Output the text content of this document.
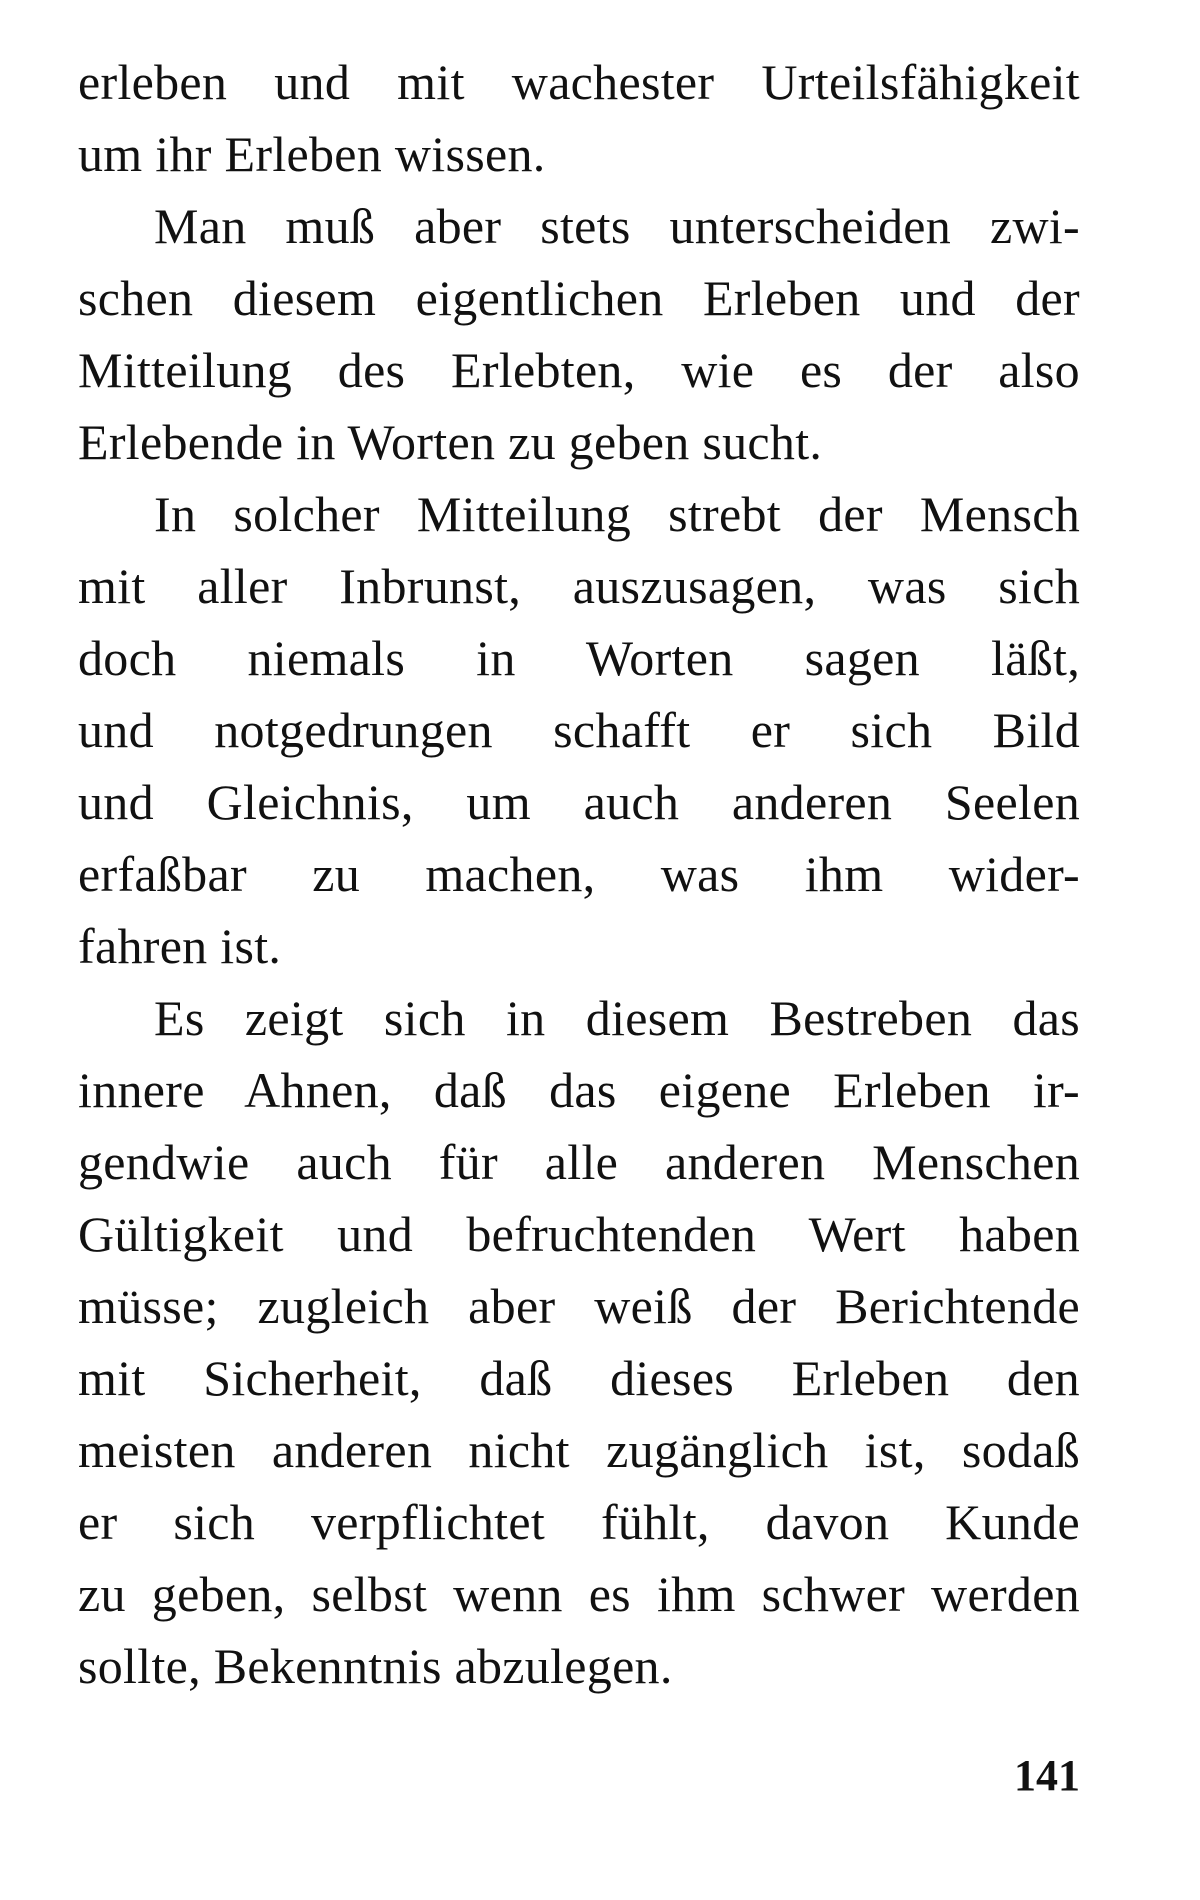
erleben und mit wachester Urteilsfähigkeit
um ihr Erleben wissen.
Man muß aber stets unterscheiden zwi-
schen diesem eigentlichen Erleben und der
Mitteilung des Erlebten, wie es der also
Erlebende in Worten zu geben sucht.
In solcher Mitteilung strebt der Mensch
mit aller Inbrunst, auszusagen, was sich
doch niemals in Worten sagen läßt,
und notgedrungen schafft er sich Bild
und Gleichnis, um auch anderen Seelen
erfaßbar zu machen, was ihm wider-
fahren ist.
Es zeigt sich in diesem Bestreben das
innere Ahnen, daß das eigene Erleben ir-
gendwie auch für alle anderen Menschen
Gültigkeit und befruchtenden Wert haben
müsse; zugleich aber weiß der Berichtende
mit Sicherheit, daß dieses Erleben den
meisten anderen nicht zugänglich ist, sodaß
er sich verpflichtet fühlt, davon Kunde
zu geben, selbst wenn es ihm schwer werden
sollte, Bekenntnis abzulegen.
141
